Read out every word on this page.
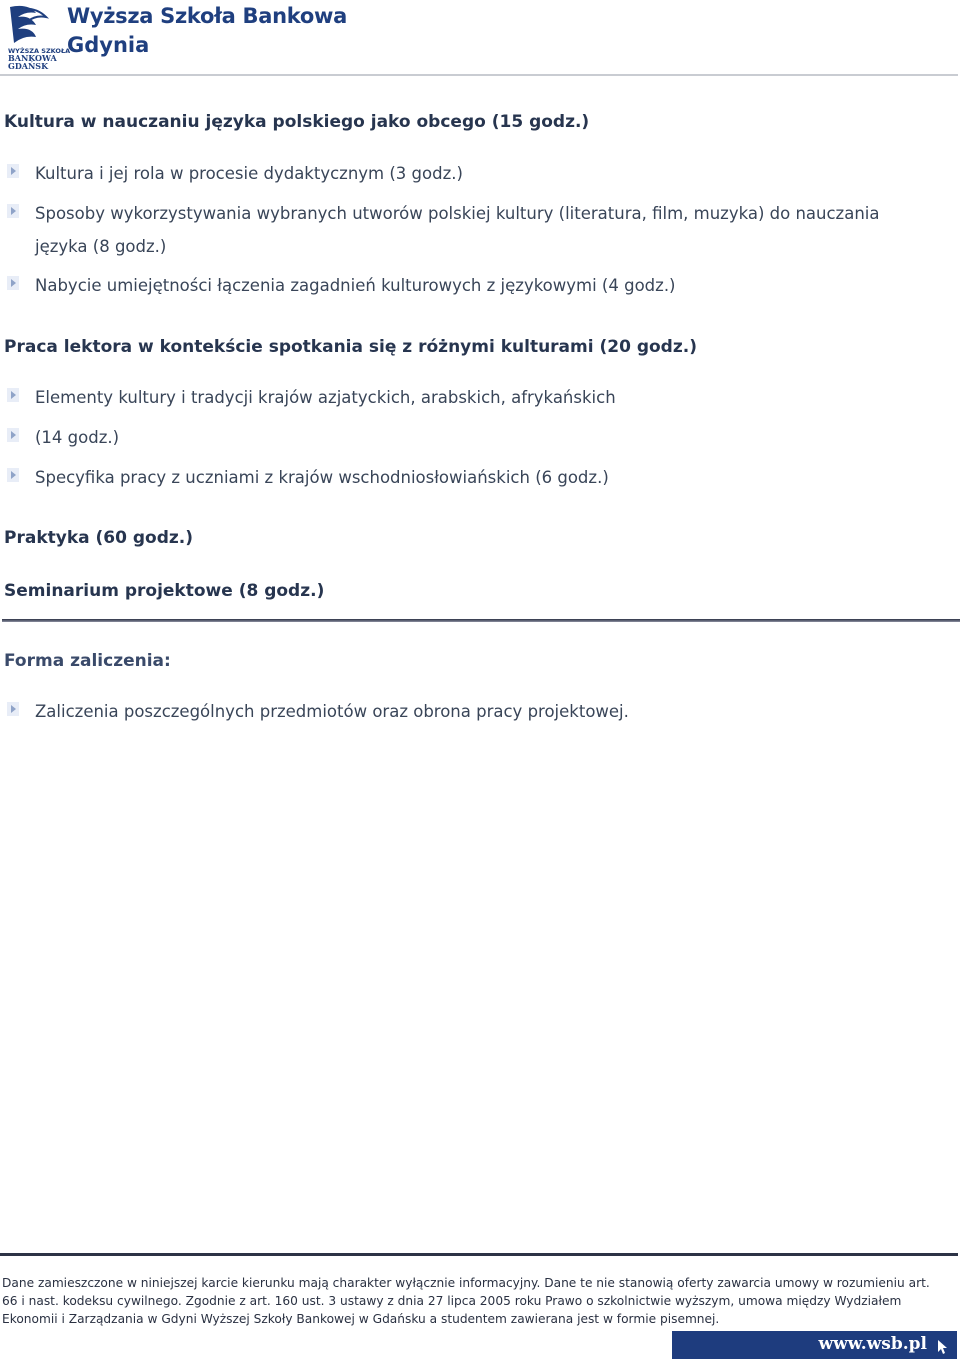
WYŻSZA SZKOŁA
BANKOWA
GDAŃSK
Wyższa Szkoła Bankowa
Gdynia
Kultura w nauczaniu języka polskiego jako obcego (15 godz.)
Kultura i jej rola w procesie dydaktycznym (3 godz.)
Sposoby wykorzystywania wybranych utworów polskiej kultury (literatura, film, muzyka) do nauczania języka (8 godz.)
Nabycie umiejętności łączenia zagadnień kulturowych z językowymi (4 godz.)
Praca lektora w kontekście spotkania się z różnymi kulturami (20 godz.)
Elementy kultury i tradycji krajów azjatyckich, arabskich, afrykańskich
(14 godz.)
Specyfika pracy z uczniami z krajów wschodniosłowiańskich (6 godz.)
Praktyka (60 godz.)
Seminarium projektowe (8 godz.)
Forma zaliczenia:
Zaliczenia poszczególnych przedmiotów oraz obrona pracy projektowej.
Dane zamieszczone w niniejszej karcie kierunku mają charakter wyłącznie informacyjny. Dane te nie stanowią oferty zawarcia umowy w rozumieniu art. 66 i nast. kodeksu cywilnego. Zgodnie z art. 160 ust. 3 ustawy z dnia 27 lipca 2005 roku Prawo o szkolnictwie wyższym, umowa między Wydziałem Ekonomii i Zarządzania w Gdyni Wyższej Szkoły Bankowej w Gdańsku a studentem zawierana jest w formie pisemnej.
www.wsb.pl
